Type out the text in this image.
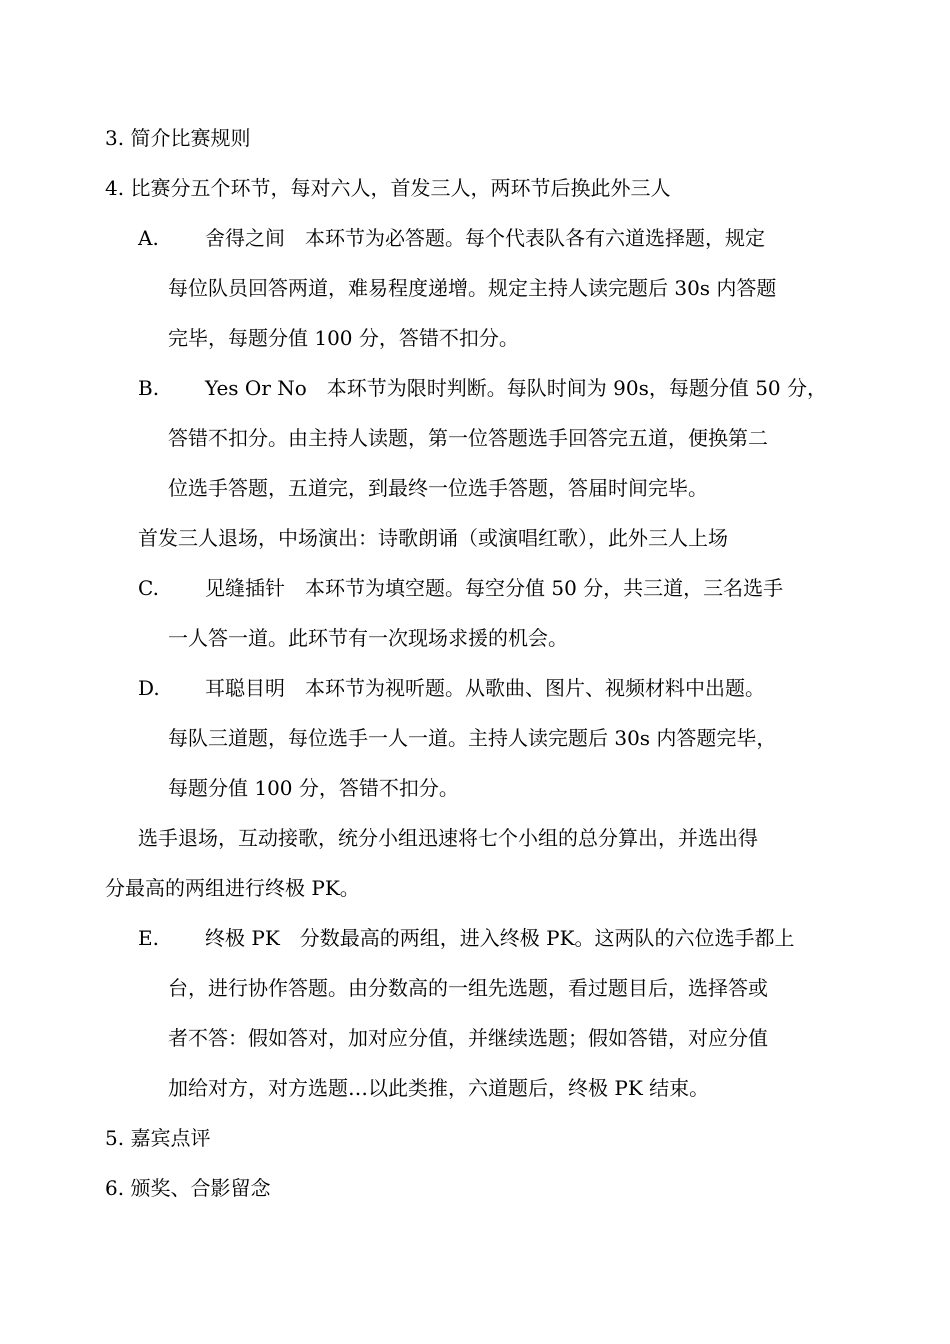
3. 简介比赛规则
4. 比赛分五个环节，每对六人，首发三人，两环节后换此外三人
A. 舍得之间　本环节为必答题。每个代表队各有六道选择题，规定
每位队员回答两道，难易程度递增。规定主持人读完题后 30s 内答题
完毕，每题分值 100 分，答错不扣分。
B. Yes Or No　本环节为限时判断。每队时间为 90s，每题分值 50 分，
答错不扣分。由主持人读题，第一位答题选手回答完五道，便换第二
位选手答题，五道完，到最终一位选手答题，答届时间完毕。
首发三人退场，中场演出：诗歌朗诵（或演唱红歌），此外三人上场
C. 见缝插针　本环节为填空题。每空分值 50 分，共三道，三名选手
一人答一道。此环节有一次现场求援的机会。
D. 耳聪目明　本环节为视听题。从歌曲、图片、视频材料中出题。
每队三道题，每位选手一人一道。主持人读完题后 30s 内答题完毕，
每题分值 100 分，答错不扣分。
选手退场，互动接歌，统分小组迅速将七个小组的总分算出，并选出得
分最高的两组进行终极 PK。
E. 终极 PK　分数最高的两组，进入终极 PK。这两队的六位选手都上
台，进行协作答题。由分数高的一组先选题，看过题目后，选择答或
者不答：假如答对，加对应分值，并继续选题；假如答错，对应分值
加给对方，对方选题…以此类推，六道题后，终极 PK 结束。
5. 嘉宾点评
6. 颁奖、合影留念
